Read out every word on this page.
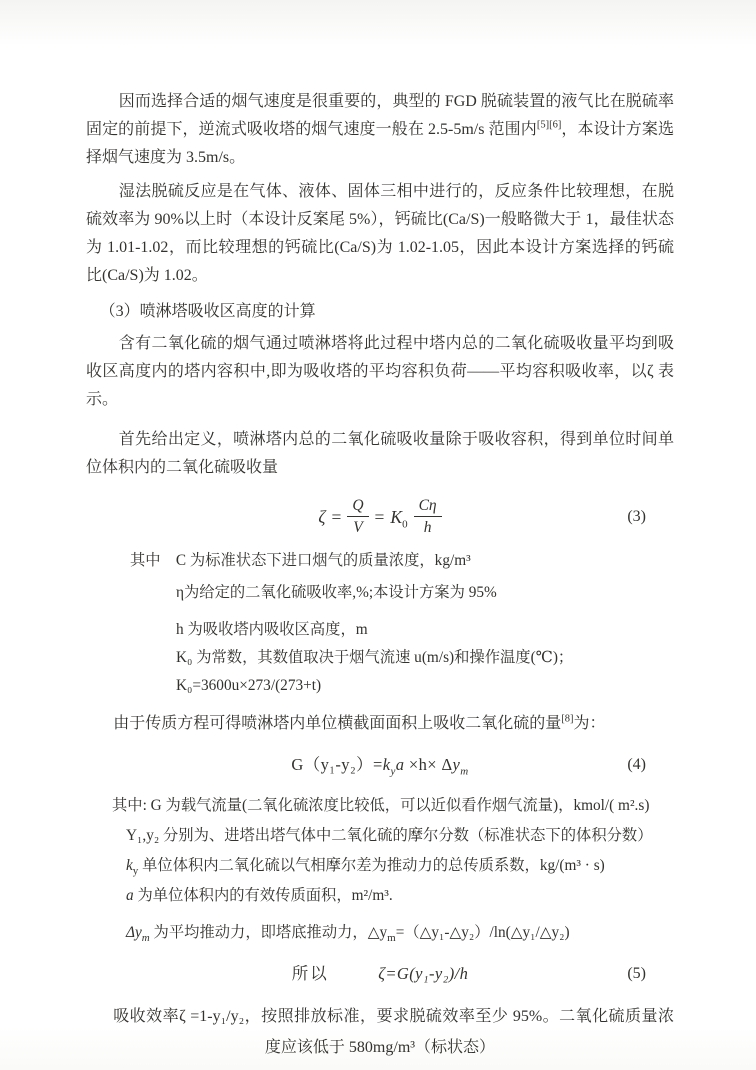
因而选择合适的烟气速度是很重要的，典型的 FGD 脱硫装置的液气比在脱硫率固定的前提下，逆流式吸收塔的烟气速度一般在 2.5-5m/s 范围内[5][6]，本设计方案选择烟气速度为 3.5m/s。

湿法脱硫反应是在气体、液体、固体三相中进行的，反应条件比较理想，在脱硫效率为 90%以上时（本设计反案尾 5%），钙硫比(Ca/S)一般略微大于 1，最佳状态为 1.01-1.02，而比较理想的钙硫比(Ca/S)为 1.02-1.05，因此本设计方案选择的钙硫比(Ca/S)为 1.02。

（3）喷淋塔吸收区高度的计算

含有二氧化硫的烟气通过喷淋塔将此过程中塔内总的二氧化硫吸收量平均到吸收区高度内的塔内容积中,即为吸收塔的平均容积负荷——平均容积吸收率，以ζ 表示。

首先给出定义，喷淋塔内总的二氧化硫吸收量除于吸收容积，得到单位时间单位体积内的二氧化硫吸收量

$\zeta = \frac{Q}{V} = K_0 \frac{C\eta}{h}$	(3)

其中　C 为标准状态下进口烟气的质量浓度，kg/m³

η为给定的二氧化硫吸收率,%;本设计方案为 95%

h 为吸收塔内吸收区高度，m

K₀ 为常数，其数值取决于烟气流速 u(m/s)和操作温度(℃)；

K₀=3600u×273/(273+t)

由于传质方程可得喷淋塔内单位横截面面积上吸收二氧化硫的量[8]为：

$G(y_1-y_2)=k_ya \times h\times \Delta y_m$	(4)

其中: G 为载气流量(二氧化硫浓度比较低，可以近似看作烟气流量)，kmol/( m².s)

Y₁,y₂ 分别为、进塔出塔气体中二氧化硫的摩尔分数（标准状态下的体积分数）

$k_y$ 单位体积内二氧化硫以气相摩尔差为推动力的总传质系数，kg/(m³ · s)

a 为单位体积内的有效传质面积，m²/m³.

$\Delta y_m$ 为平均推动力，即塔底推动力，$\triangle y_m=(\triangle y_1-\triangle y_2)/\ln(\triangle y_1/\triangle y_2)$

所以	ζ=G(y₁-y₂)/h	(5)

吸收效率ζ =1-y₁/y₂，按照排放标准，要求脱硫效率至少 95%。二氧化硫质量浓度应该低于 580mg/m³（标状态）
